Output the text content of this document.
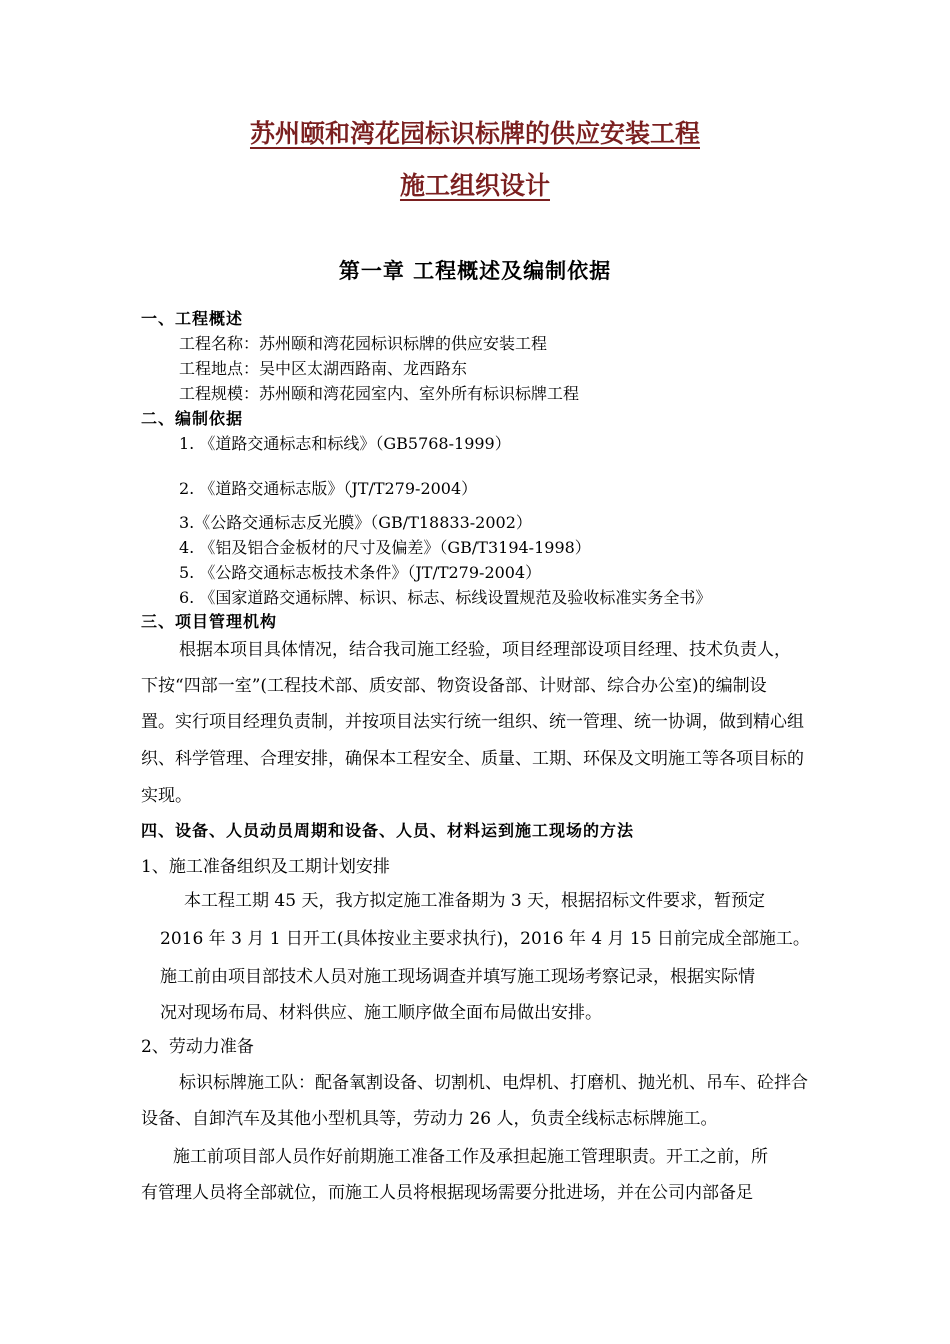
苏州颐和湾花园标识标牌的供应安装工程
施工组织设计
第一章 工程概述及编制依据
一、工程概述
工程名称：苏州颐和湾花园标识标牌的供应安装工程
工程地点：吴中区太湖西路南、龙西路东
工程规模：苏州颐和湾花园室内、室外所有标识标牌工程
二、编制依据
1. 《道路交通标志和标线》（GB5768-1999）
2. 《道路交通标志版》（JT/T279-2004）
3.《公路交通标志反光膜》（GB/T18833-2002）
4. 《铝及铝合金板材的尺寸及偏差》（GB/T3194-1998）
5. 《公路交通标志板技术条件》（JT/T279-2004）
6. 《国家道路交通标牌、标识、标志、标线设置规范及验收标准实务全书》
三、项目管理机构
根据本项目具体情况，结合我司施工经验，项目经理部设项目经理、技术负责人，
下按“四部一室”(工程技术部、质安部、物资设备部、计财部、综合办公室)的编制设
置。实行项目经理负责制，并按项目法实行统一组织、统一管理、统一协调，做到精心组
织、科学管理、合理安排，确保本工程安全、质量、工期、环保及文明施工等各项目标的
实现。
四、设备、人员动员周期和设备、人员、材料运到施工现场的方法
1、施工准备组织及工期计划安排
本工程工期 45 天，我方拟定施工准备期为 3 天，根据招标文件要求，暂预定
2016 年 3 月 1 日开工(具体按业主要求执行)，2016 年 4 月 15 日前完成全部施工。
施工前由项目部技术人员对施工现场调查并填写施工现场考察记录，根据实际情
况对现场布局、材料供应、施工顺序做全面布局做出安排。
2、劳动力准备
标识标牌施工队：配备氧割设备、切割机、电焊机、打磨机、抛光机、吊车、砼拌合
设备、自卸汽车及其他小型机具等，劳动力 26 人，负责全线标志标牌施工。
施工前项目部人员作好前期施工准备工作及承担起施工管理职责。开工之前，所
有管理人员将全部就位，而施工人员将根据现场需要分批进场，并在公司内部备足
